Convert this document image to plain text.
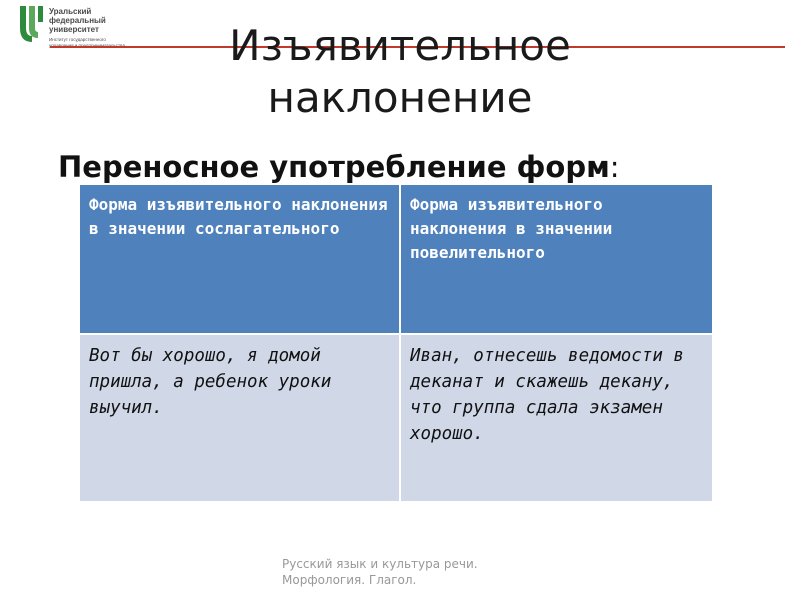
Уральский
федеральный
университет
Институт государственного	Изъявительное
наклонение
Переносное употребление форм:
Форма изъявительного наклонения в значении сослагательного	Форма изъявительного наклонения в значении повелительного
Вот бы хорошо, я домой пришла, а ребенок уроки выучил.	Иван, отнесешь ведомости в деканат и скажешь декану, что группа сдала экзамен хорошо.
Русский язык и культура речи.
Морфология. Глагол.
